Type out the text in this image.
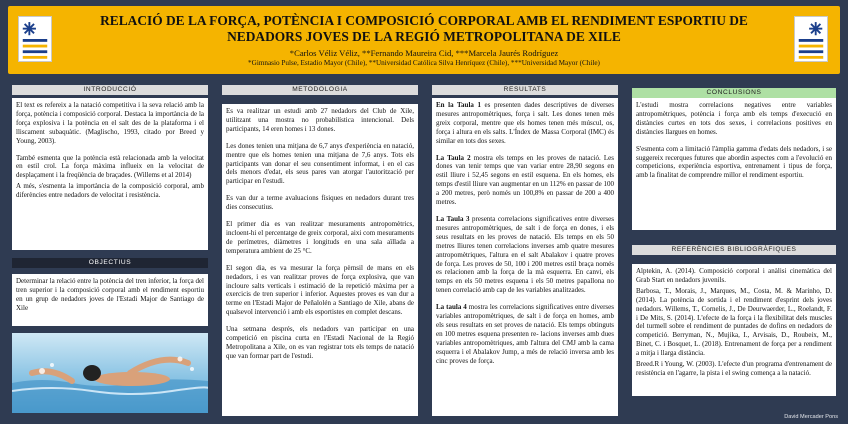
RELACIÓ DE LA FORÇA, POTÈNCIA I COMPOSICIÓ CORPORAL AMB EL RENDIMENT ESPORTIU DE NEDADORS JOVES DE LA REGIÓ METROPOLITANA DE XILE
*Carlos Véliz Véliz, **Fernando Maureira Cid, ***Marcela Jaurés Rodríguez
*Gimnasio Pulse, Estadio Mayor (Chile), **Universidad Católica Silva Henríquez (Chile), ***Universidad Mayor (Chile)
INTRODUCCIÓ

El text es refereix a la natació competitiva i la seva relació amb la força, potència i composició corporal. Destaca la importància de la força explosiva i la potència en el salt des de la plataforma i el lliscament subaquàtic. (Maglischo, 1993, citado por Breed y Young, 2003).

També esmenta que la potència està relacionada amb la velocitat en estil crol. La força màxima influeix en la velocitat de desplaçament i la freqüència de braçades. (Willems et al 2014)

A més, s'esmenta la importància de la composició corporal, amb diferències entre nedadors de velocitat i resistència.

OBJECTIUS

Determinar la relació entre la potència del tren inferior, la força del tren superior i la composició corporal amb el rendiment esportiu en un grup de nedadors joves de l'Estadi Major de Santiago de Xile

METODOLOGIA

Es va realitzar un estudi amb 27 nedadors del Club de Xile, utilitzant una mostra no probabilística intencional. Dels participants, 14 eren homes i 13 dones.

Les dones tenien una mitjana de 6,7 anys d'experiència en natació, mentre que els homes tenien una mitjana de 7,6 anys. Tots els participants van donar el seu consentiment informat, i en el cas dels menors d'edat, els seus pares van atorgar l'autorització per participar en l'estudi.

Es van dur a terme avaluacions físiques en nedadors durant tres dies consecutius.

El primer dia es van realitzar mesuraments antropomètrics, incloent-hi el percentatge de greix corporal, aixi com mesuraments de perímetres, diàmetres i longituds en una sala aïllada a temperatura ambient de 25 °C.

El segon dia, es va mesurar la força pèrnsil de mans en els nedadors, i es van realitzar proves de força explosiva, que van incloure salts verticals i estimació de la repetició màxima per a exercicis de tren superior i inferior. Aquestes proves es van dur a terme en l'Estadi Major de Peñalolén a Santiago de Xile, abans de qualsevol intervenció i amb els esportistes en complet descans.

Una setmana després, els nedadors van participar en una competició en piscina curta en l'Estadi Nacional de la Regió Metropolitana a Xile, on es van registrar tots els temps de natació que van formar part de l'estudi.

RESULTATS

En la Taula 1 es presenten dades descriptives de diverses mesures antropomètriques, força i salt. Les dones tenen més greix corporal, mentre que els homes tenen més múscul, os, força i altura en els salts. L'Índex de Massa Corporal (IMC) és similar en tots dos sexes.

La Taula 2 mostra els temps en les proves de natació. Les dones van tenir temps que van variar entre 28,90 segons en estil lliure i 52,45 segons en estil esquena. En els homes, els temps d'estil lliure van augmentar en un 112% en passar de 100 a 200 metres, però només un 100,8% en passar de 200 a 400 metres.

La Taula 3 presenta correlacions significatives entre diverses mesures antropomètriques, de salt i de força en dones, i els seus resultats en les proves de natació. Els temps en els 50 metres lliures tenen correlacions inverses amb quatre mesures antropomètriques, l'altura en el salt Abalakov i quatre proves de força. Les proves de 50, 100 i 200 metres estil braça només es relacionen amb la força de la mà esquerra. En canvi, els temps en els 50 metres esquena i els 50 metres papallona no tenen correlació amb cap de les variables analitzades.

La taula 4 mostra les correlacions significatives entre diverses variables antropomètriques, de salt i de força en homes, amb els seus resultats en set proves de natació. Els temps obtinguts en 100 metres esquena presenten re- lacions inverses amb dues variables antropomètriques, amb l'altura del CMJ amb la cama esquerra i el Abalakov Jump, a més de relació inversa amb les cinc proves de força.

CONCLUSIONS

L'estudi mostra correlacions negatives entre variables antropomètriques, potència i força amb els temps d'execució en distàncies curtes en tots dos sexes, i correlacions positives en distàncies llargues en homes.

S'esmenta com a limitació l'àmplia gamma d'edats dels nedadors, i se suggereix recerques futures que abordin aspectes com a l'evolució en competicions, experiència esportiva, entrenament i tipus de força, amb la finalitat de comprendre millor el rendiment esportiu.

REFERÈNCIES BIBLIOGRÀFIQUES

Alptekin, A. (2014). Composició corporal i anàlisi cinemàtica del Grab Start en nedadors juvenils.

Barbosa, T., Morais, J., Marques, M., Costa, M. & Marinho, D. (2014). La potència de sortida i el rendiment d'esprint dels joves nedadors. Willems, T., Cornelis, J., De Deurwaerder, L., Roelandt, F. i De Mits, S. (2014). L'efecte de la força i la flexibilitat dels muscles del turmell sobre el rendiment de puntades de dofins en nedadors de competició. Berryman, N., Mujika, I., Arvisais, D., Roubeix, M., Binet, C. i Bosquet, L. (2018). Entrenament de força per a rendiment a mitja i llarga distància.

Breed.R i Young, W. (2003). L'efecte d'un programa d'entrenament de resistència en l'agarre, la pista i el swing comença a la natació.

David Mercader Pons
